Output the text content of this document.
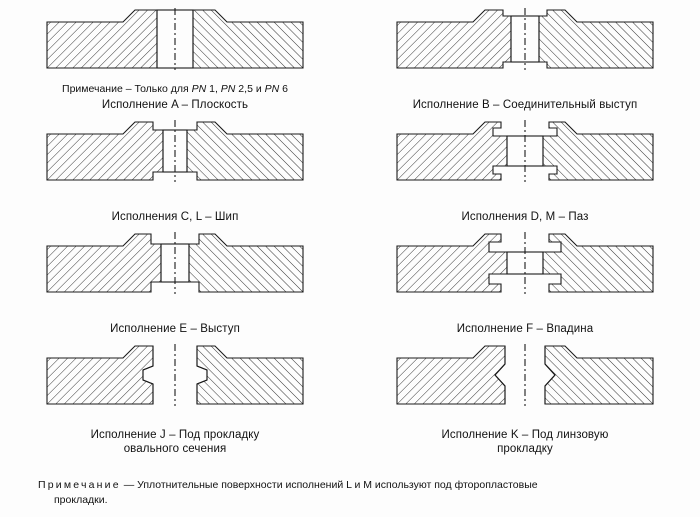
Примечание – Только для PN 1, PN 2,5 и PN 6
Исполнение A – Плоскость	Исполнение B – Соединительный выступ
Исполнения C, L – Шип	Исполнения D, M – Паз
Исполнение E – Выступ	Исполнение F – Впадина
Исполнение J – Под прокладку
овального сечения
Исполнение K – Под линзовую
прокладку
Примечание — Уплотнительные поверхности исполнений L и M используют под фторопластовые
прокладки.
